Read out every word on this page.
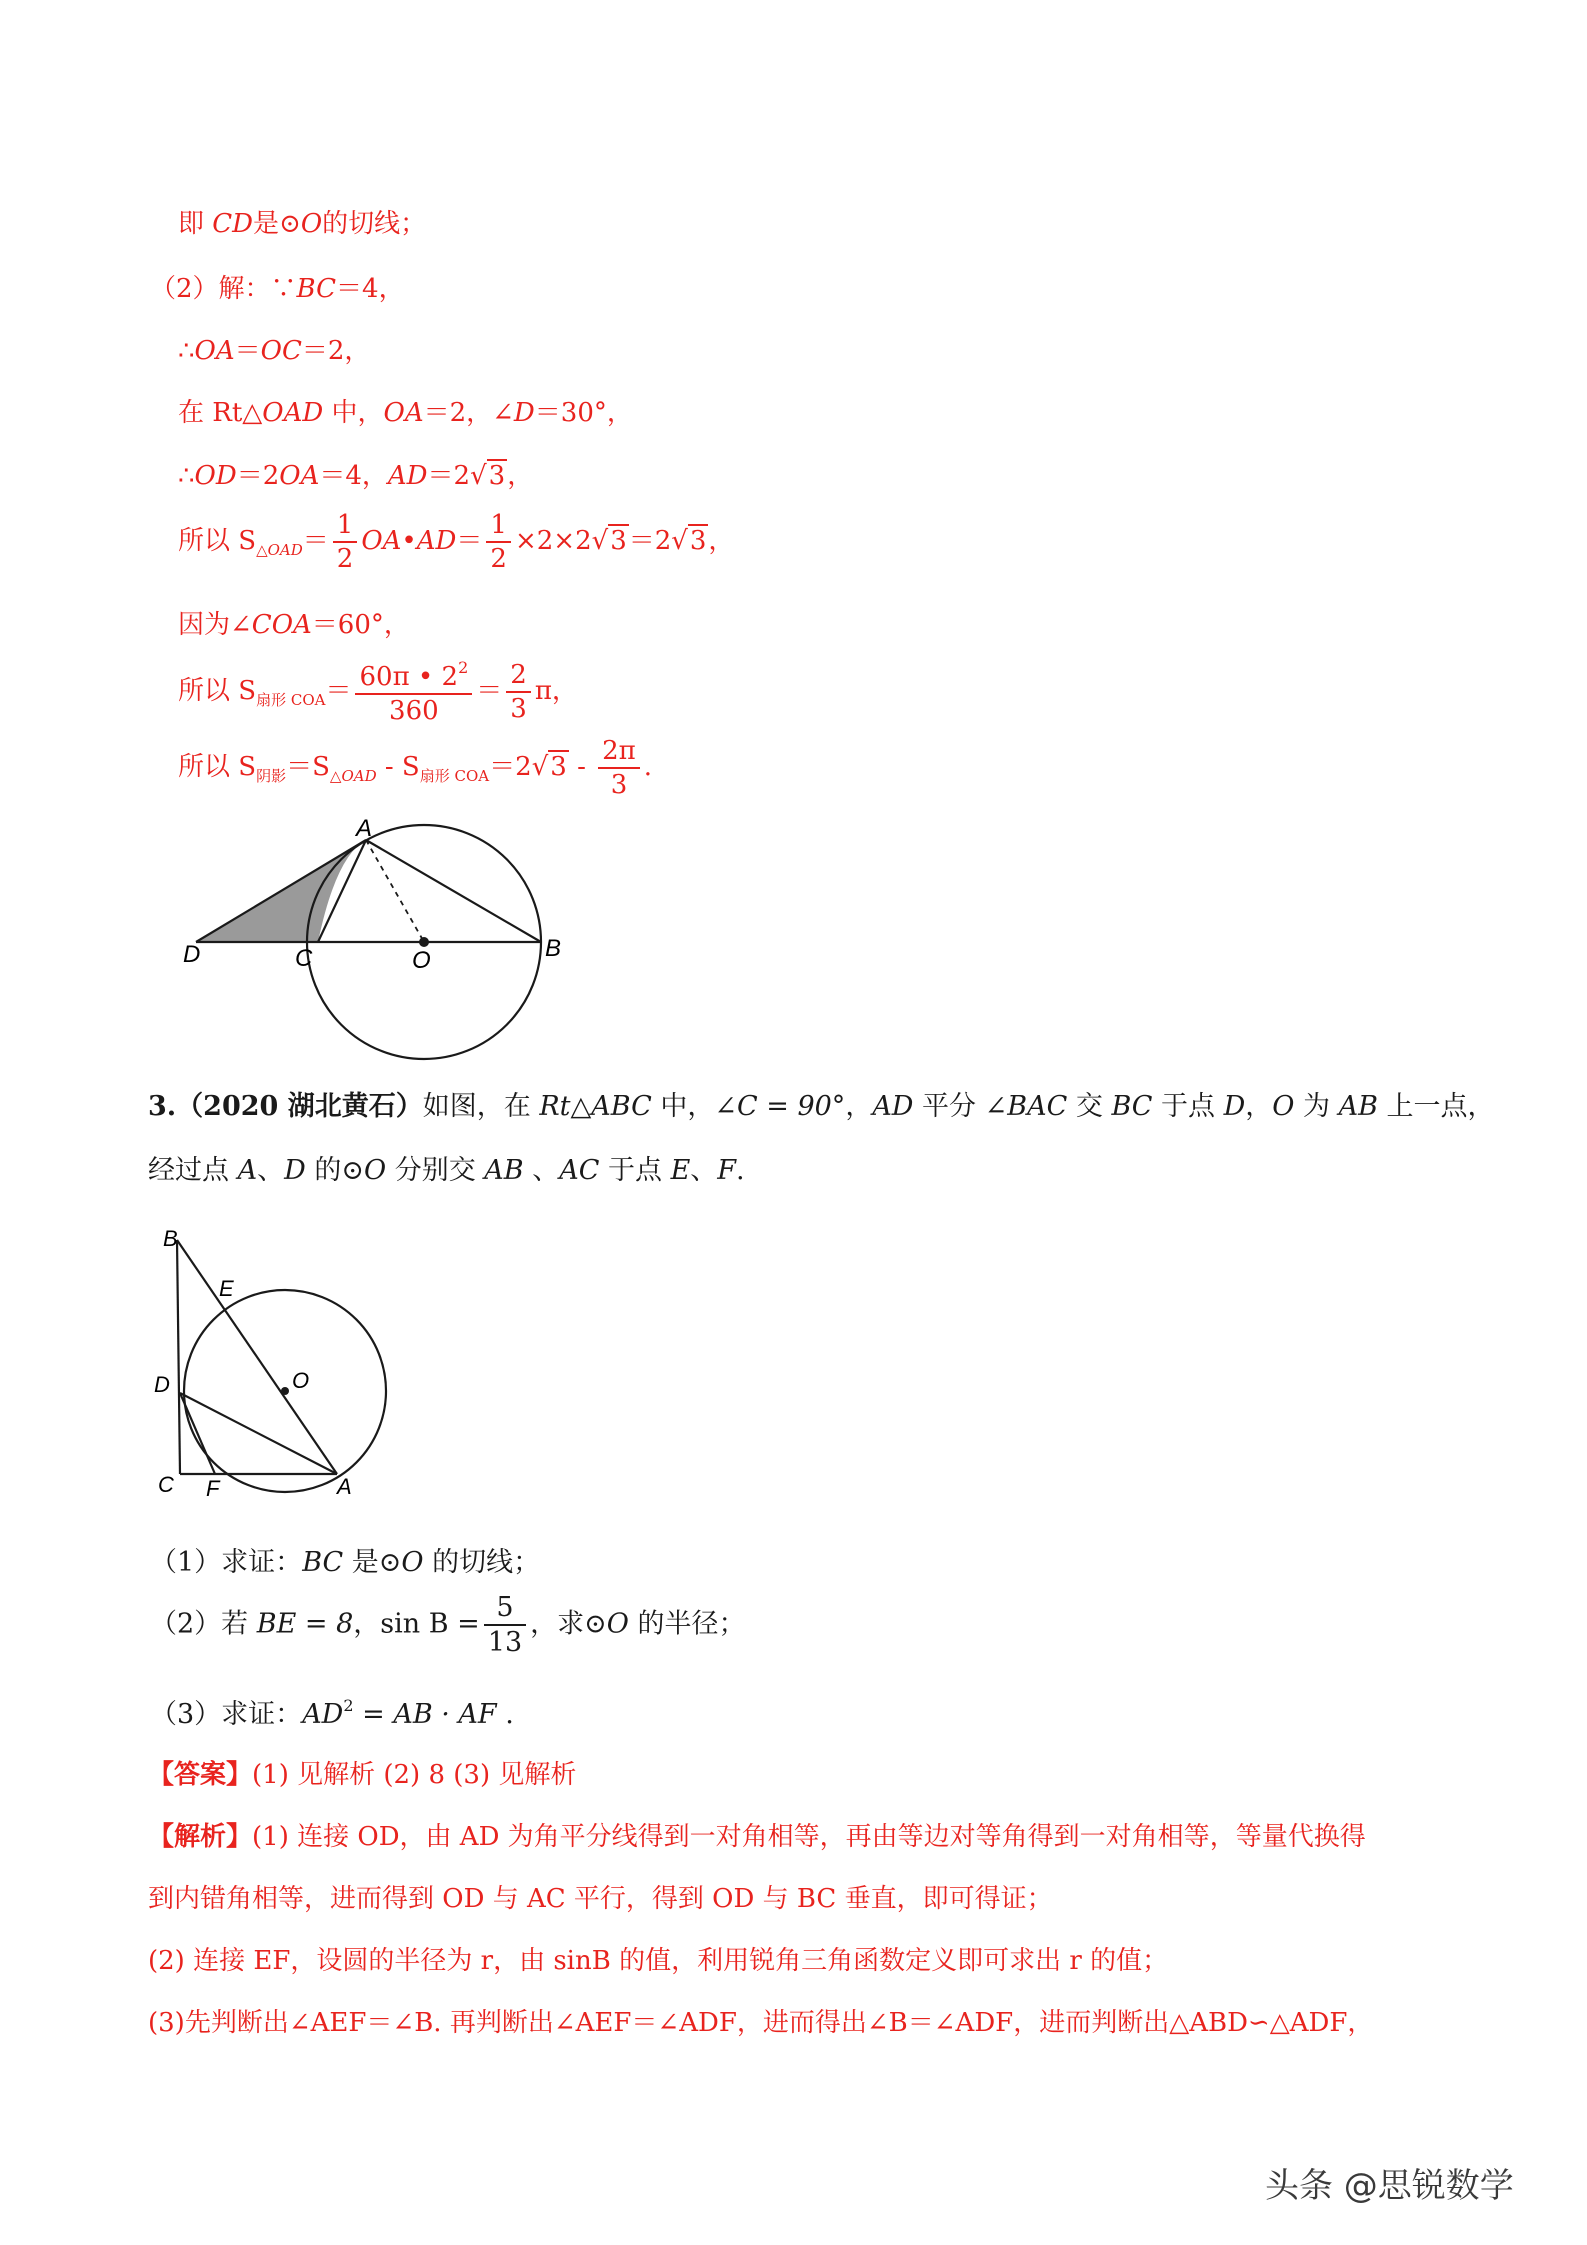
即 CD是⊙O的切线；
（2）解：∵BC＝4，
∴OA＝OC＝2，
在 Rt△OAD 中，OA＝2，∠D＝30°，
∴OD＝2OA＝4，AD＝2√3，
所以 $S_{\triangle OAD}= \frac{1}{2}$ OA•AD＝ $\frac{1}{2} \times 2\times 2√3=2√3$，
因为∠COA＝60°，
所以 $S_{扇形 COA}= \frac{60\pi • 2^2}{360} = \frac{2}{3}$ π，
所以 $S_{阴影}=S_{\triangle OAD} - S_{扇形 COA}=2√3 - \frac{2\pi}{3}$ .
A
D	C	O	B
3.（2020 湖北黄石）如图，在 Rt△ABC 中，∠C = 90°，AD 平分 ∠BAC 交 BC 于点 D，O 为 AB 上一点，
经过点 A、D 的⊙O 分别交 AB 、AC 于点 E、F.
B
E
O
D
C F	A
（1）求证：BC 是⊙O 的切线；
（2）若 BE = 8，$\sin B = \frac{5}{13}$ ，求⊙O 的半径；
（3）求证：$AD^2$ = AB · AF .
【答案】(1) 见解析 (2) 8 (3) 见解析
【解析】(1) 连接 OD，由 AD 为角平分线得到一对角相等，再由等边对等角得到一对角相等，等量代换得
到内错角相等，进而得到 OD 与 AC 平行，得到 OD 与 BC 垂直，即可得证；
(2) 连接 EF，设圆的半径为 r，由 sinB 的值，利用锐角三角函数定义即可求出 r 的值；
(3)先判断出∠AEF＝∠B. 再判断出∠AEF＝∠ADF，进而得出∠B＝∠ADF，进而判断出△ABD∽△ADF，
头条 @思锐数学
